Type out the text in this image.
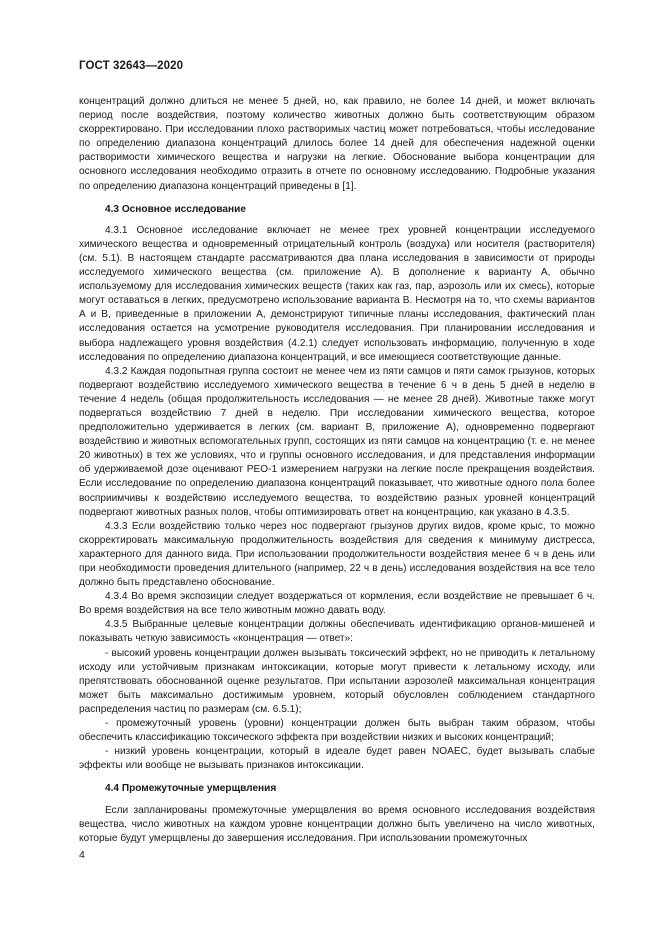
ГОСТ 32643—2020

концентраций должно длиться не менее 5 дней, но, как правило, не более 14 дней, и может включать период после воздействия, поэтому количество животных должно быть соответствующим образом скорректировано. При исследовании плохо растворимых частиц может потребоваться, чтобы исследование по определению диапазона концентраций длилось более 14 дней для обеспечения надежной оценки растворимости химического вещества и нагрузки на легкие. Обоснование выбора концентрации для основного исследования необходимо отразить в отчете по основному исследованию. Подробные указания по определению диапазона концентраций приведены в [1].

4.3 Основное исследование

4.3.1 Основное исследование включает не менее трех уровней концентрации исследуемого химического вещества и одновременный отрицательный контроль (воздуха) или носителя (растворителя) (см. 5.1). В настоящем стандарте рассматриваются два плана исследования в зависимости от природы исследуемого химического вещества (см. приложение А). В дополнение к варианту А, обычно используемому для исследования химических веществ (таких как газ, пар, аэрозоль или их смесь), которые могут оставаться в легких, предусмотрено использование варианта В. Несмотря на то, что схемы вариантов А и В, приведенные в приложении А, демонстрируют типичные планы исследования, фактический план исследования остается на усмотрение руководителя исследования. При планировании исследования и выбора надлежащего уровня воздействия (4.2.1) следует использовать информацию, полученную в ходе исследования по определению диапазона концентраций, и все имеющиеся соответствующие данные.

4.3.2 Каждая подопытная группа состоит не менее чем из пяти самцов и пяти самок грызунов, которых подвергают воздействию исследуемого химического вещества в течение 6 ч в день 5 дней в неделю в течение 4 недель (общая продолжительность исследования — не менее 28 дней). Животные также могут подвергаться воздействию 7 дней в неделю. При исследовании химического вещества, которое предположительно удерживается в легких (см. вариант В, приложение А), одновременно подвергают воздействию и животных вспомогательных групп, состоящих из пяти самцов на концентрацию (т. е. не менее 20 животных) в тех же условиях, что и группы основного исследования, и для представления информации об удерживаемой дозе оценивают РЕО-1 измерением нагрузки на легкие после прекращения воздействия. Если исследование по определению диапазона концентраций показывает, что животные одного пола более восприимчивы к воздействию исследуемого вещества, то воздействию разных уровней концентраций подвергают животных разных полов, чтобы оптимизировать ответ на концентрацию, как указано в 4.3.5.

4.3.3 Если воздействию только через нос подвергают грызунов других видов, кроме крыс, то можно скорректировать максимальную продолжительность воздействия для сведения к минимуму дистресса, характерного для данного вида. При использовании продолжительности воздействия менее 6 ч в день или при необходимости проведения длительного (например, 22 ч в день) исследования воздействия на все тело должно быть представлено обоснование.

4.3.4 Во время экспозиции следует воздержаться от кормления, если воздействие не превышает 6 ч. Во время воздействия на все тело животным можно давать воду.

4.3.5 Выбранные целевые концентрации должны обеспечивать идентификацию органов-мишеней и показывать четкую зависимость «концентрация — ответ»:

- высокий уровень концентрации должен вызывать токсический эффект, но не приводить к летальному исходу или устойчивым признакам интоксикации, которые могут привести к летальному исходу, или препятствовать обоснованной оценке результатов. При испытании аэрозолей максимальная концентрация может быть максимально достижимым уровнем, который обусловлен соблюдением стандартного распределения частиц по размерам (см. 6.5.1);

- промежуточный уровень (уровни) концентрации должен быть выбран таким образом, чтобы обеспечить классификацию токсического эффекта при воздействии низких и высоких концентраций;

- низкий уровень концентрации, который в идеале будет равен NOAEC, будет вызывать слабые эффекты или вообще не вызывать признаков интоксикации.

4.4 Промежуточные умерщвления

Если запланированы промежуточные умерщвления во время основного исследования воздействия вещества, число животных на каждом уровне концентрации должно быть увеличено на число животных, которые будут умерщвлены до завершения исследования. При использовании промежуточных

4
